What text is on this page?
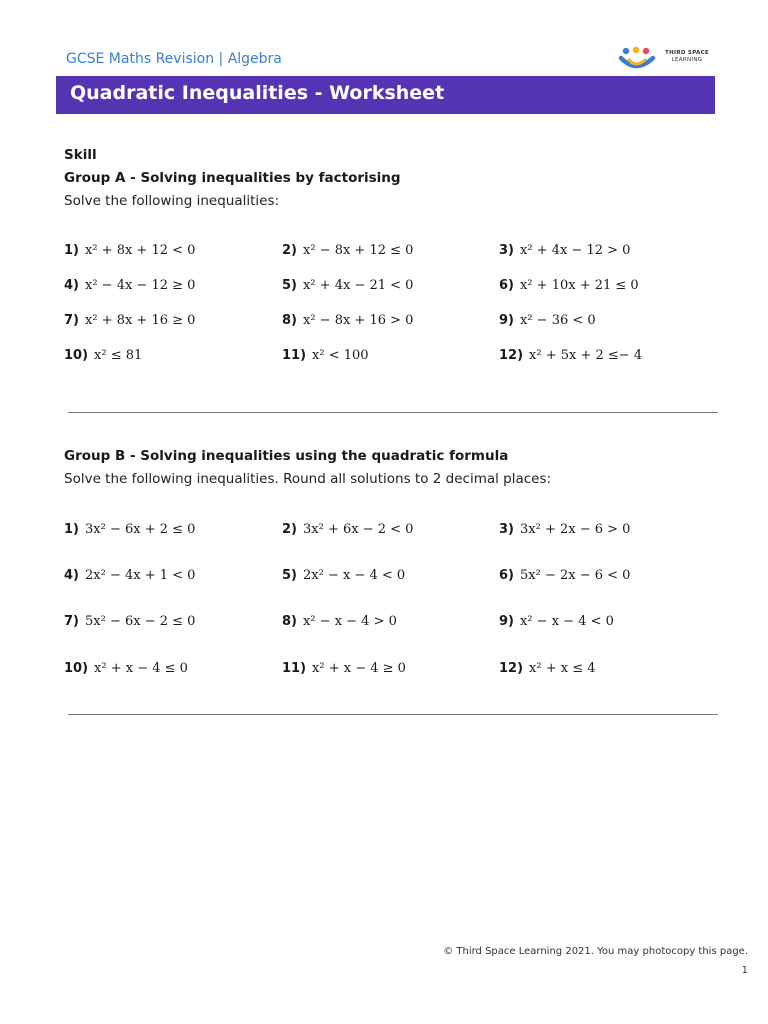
GCSE Maths Revision | Algebra	THIRD SPACE
LEARNING
Quadratic Inequalities - Worksheet
Skill
Group A - Solving inequalities by factorising
Solve the following inequalities:
1) x² + 8x + 12 < 0	2) x² − 8x + 12 ≤ 0	3) x² + 4x − 12 > 0
4) x² − 4x − 12 ≥ 0	5) x² + 4x − 21 < 0	6) x² + 10x + 21 ≤ 0
7) x² + 8x + 16 ≥ 0	8) x² − 8x + 16 > 0	9) x² − 36 < 0
10) x² ≤ 81	11) x² < 100	12) x² + 5x + 2 ≤− 4
Group B - Solving inequalities using the quadratic formula
Solve the following inequalities. Round all solutions to 2 decimal places:
1) 3x² − 6x + 2 ≤ 0	2) 3x² + 6x − 2 < 0	3) 3x² + 2x − 6 > 0
4) 2x² − 4x + 1 < 0	5) 2x² − x − 4 < 0	6) 5x² − 2x − 6 < 0
7) 5x² − 6x − 2 ≤ 0	8) x² − x − 4 > 0	9) x² − x − 4 < 0
10) x² + x − 4 ≤ 0	11) x² + x − 4 ≥ 0	12) x² + x ≤ 4
© Third Space Learning 2021. You may photocopy this page.
1
